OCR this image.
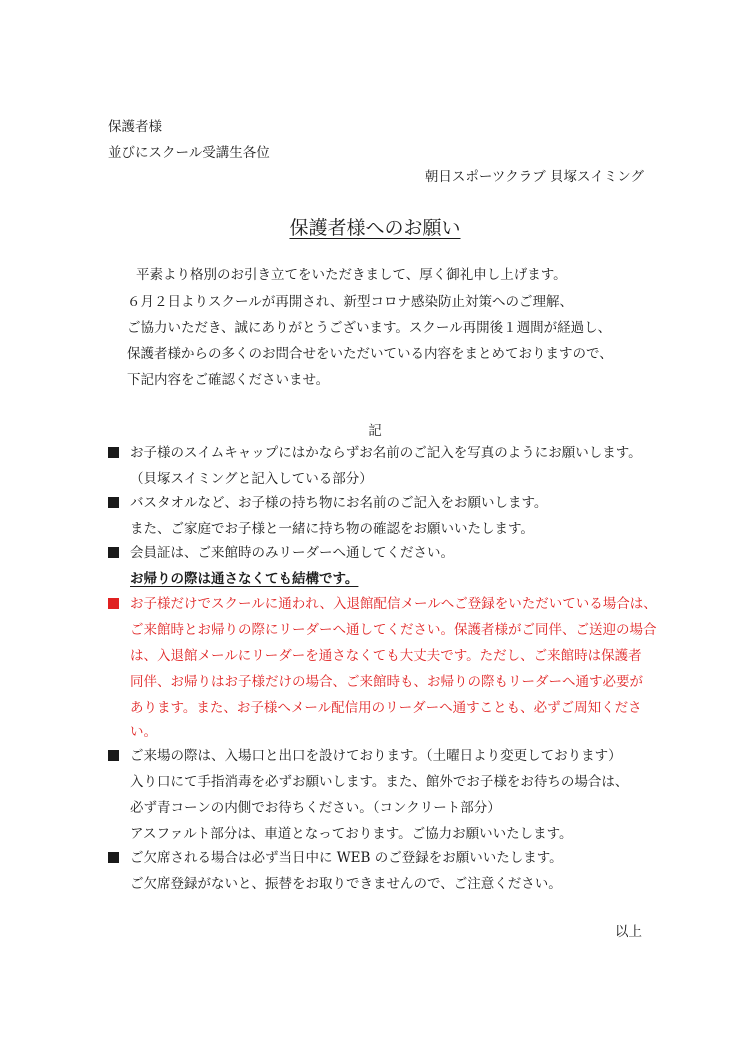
保護者様
並びにスクール受講生各位
朝日スポーツクラブ 貝塚スイミング
保護者様へのお願い
平素より格別のお引き立てをいただきまして、厚く御礼申し上げます。
６月２日よりスクールが再開され、新型コロナ感染防止対策へのご理解、
ご協力いただき、誠にありがとうございます。スクール再開後１週間が経過し、
保護者様からの多くのお問合せをいただいている内容をまとめておりますので、
下記内容をご確認くださいませ。
記
お子様のスイムキャップにはかならずお名前のご記入を写真のようにお願いします。
（貝塚スイミングと記入している部分）
バスタオルなど、お子様の持ち物にお名前のご記入をお願いします。
また、ご家庭でお子様と一緒に持ち物の確認をお願いいたします。
会員証は、ご来館時のみリーダーへ通してください。
お帰りの際は通さなくても結構です。
お子様だけでスクールに通われ、入退館配信メールへご登録をいただいている場合は、
ご来館時とお帰りの際にリーダーへ通してください。保護者様がご同伴、ご送迎の場合
は、入退館メールにリーダーを通さなくても大丈夫です。ただし、ご来館時は保護者
同伴、お帰りはお子様だけの場合、ご来館時も、お帰りの際もリーダーへ通す必要が
あります。また、お子様へメール配信用のリーダーへ通すことも、必ずご周知くださ
い。
ご来場の際は、入場口と出口を設けております。（土曜日より変更しております）
入り口にて手指消毒を必ずお願いします。また、館外でお子様をお待ちの場合は、
必ず青コーンの内側でお待ちください。（コンクリート部分）
アスファルト部分は、車道となっております。ご協力お願いいたします。
ご欠席される場合は必ず当日中に WEB のご登録をお願いいたします。
ご欠席登録がないと、振替をお取りできませんので、ご注意ください。
以上
